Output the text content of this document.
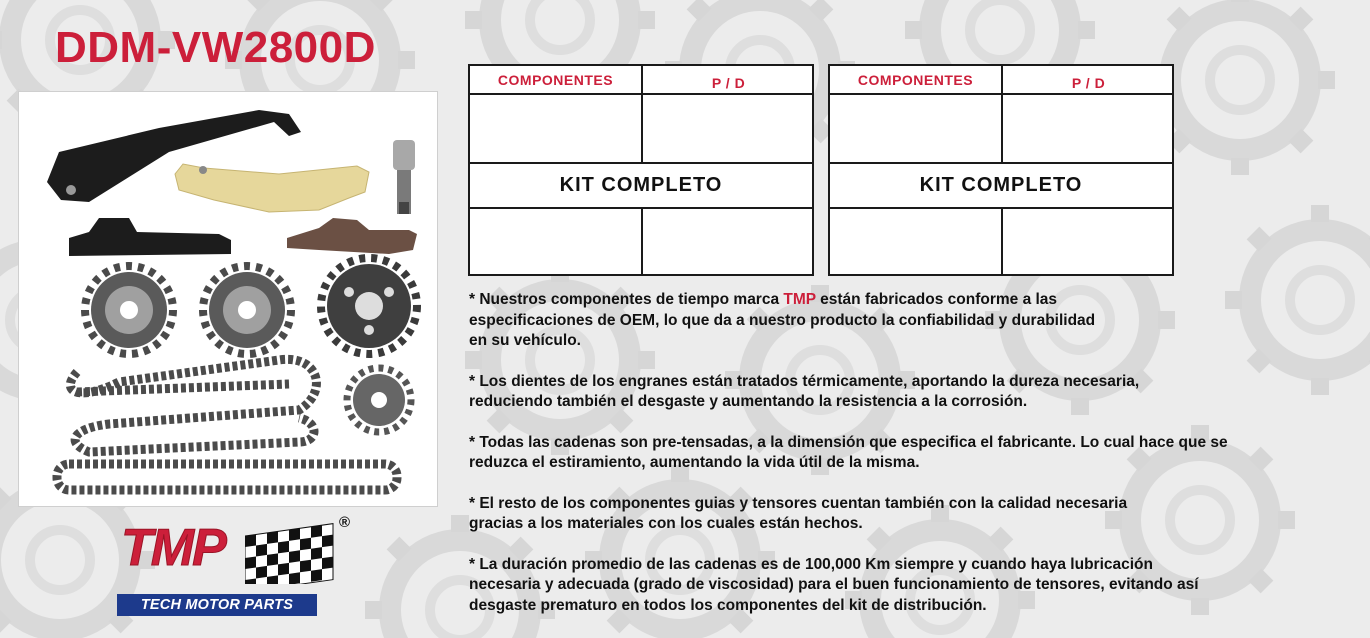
DDM-VW2800D
COMPONENTES	P / D
KIT COMPLETO
COMPONENTES	P / D
KIT COMPLETO

* Nuestros componentes de tiempo marca TMP están fabricados conforme a las
especificaciones de OEM, lo que da a nuestro producto la confiabilidad y durabilidad
en su vehículo.

* Los dientes de los engranes están tratados térmicamente, aportando la dureza necesaria,
reduciendo también el desgaste y aumentando la resistencia a la corrosión.

* Todas las cadenas son pre-tensadas, a la dimensión que especifica el fabricante. Lo cual hace que se
reduzca el estiramiento, aumentando la vida útil de la misma.

* El resto de los componentes guias y tensores cuentan también con la calidad necesaria
gracias a los materiales con los cuales están hechos.

* La duración promedio de las cadenas es de 100,000 Km siempre y cuando haya lubricación
necesaria y adecuada (grado de viscosidad) para el buen funcionamiento de tensores, evitando así
desgaste prematuro en todos los componentes del kit de distribución.

TMP	®
TECH MOTOR PARTS
